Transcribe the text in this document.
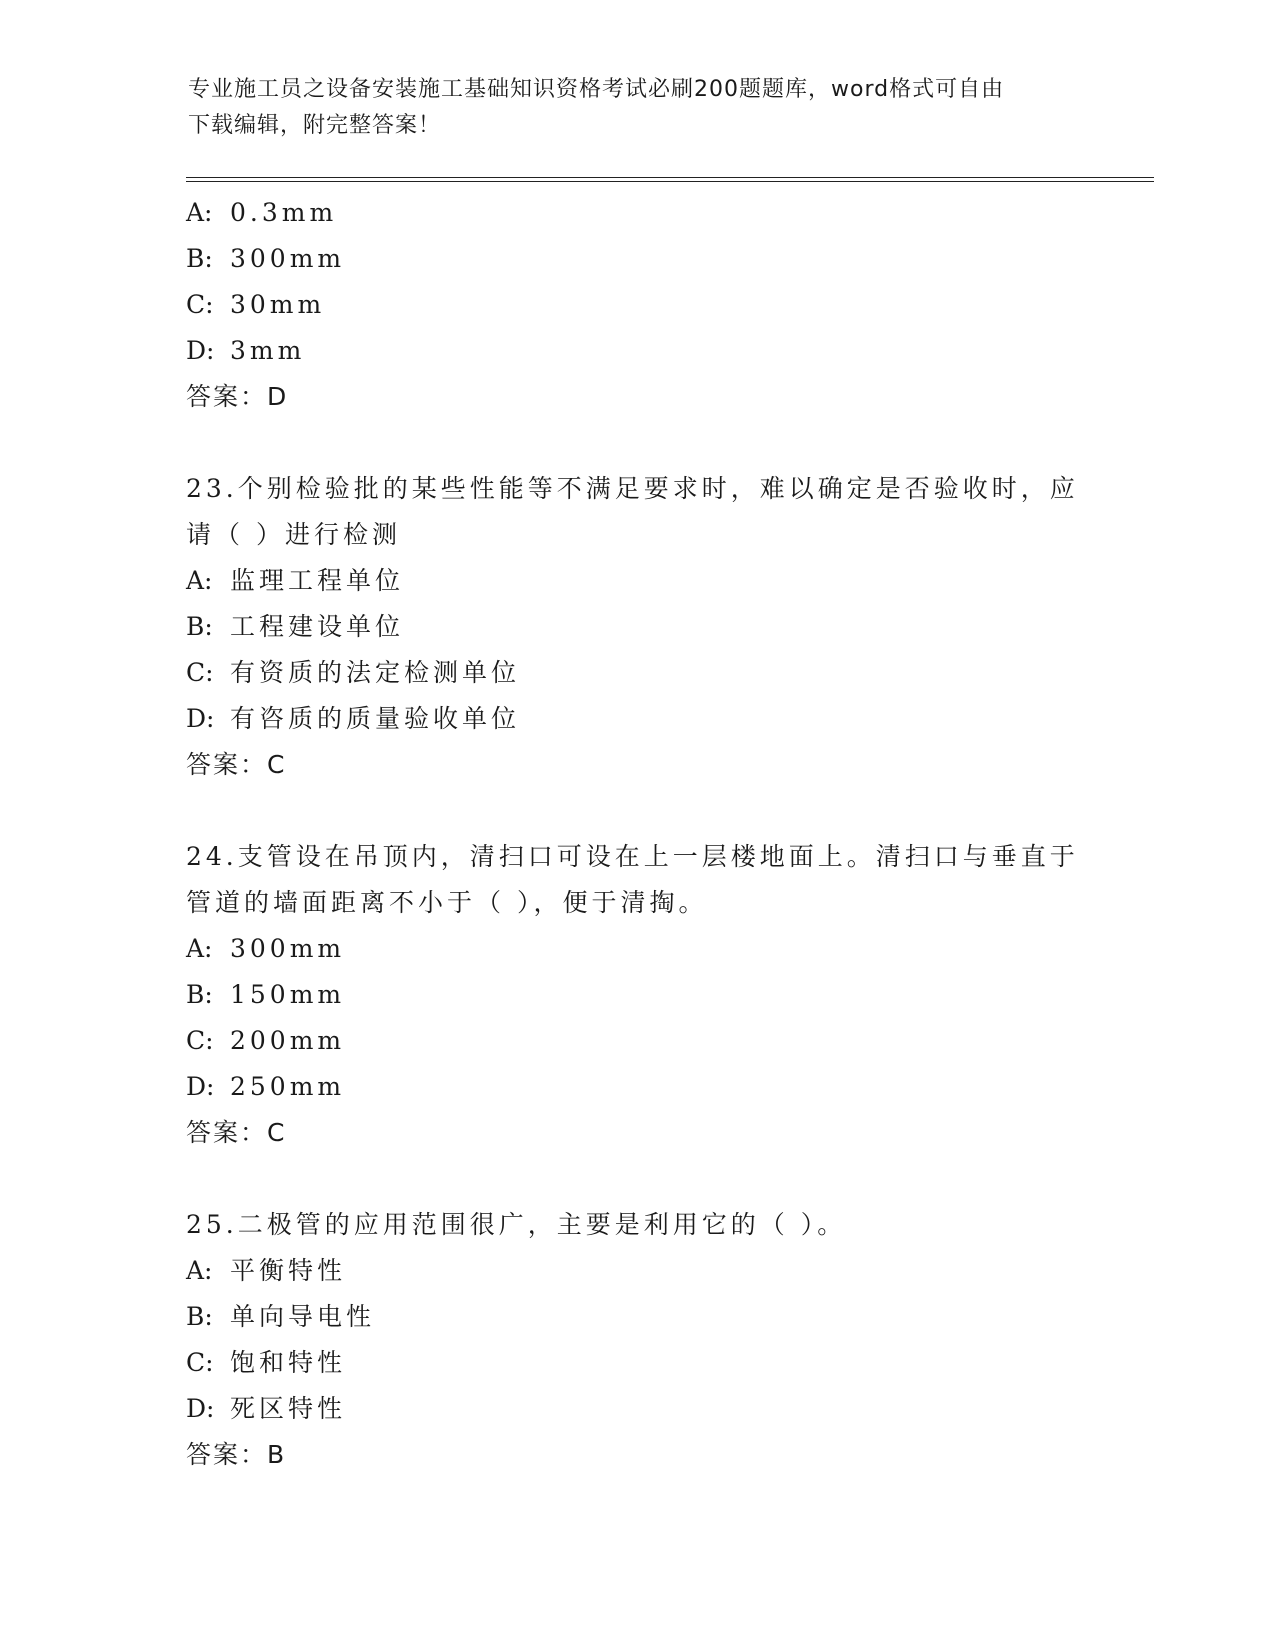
专业施工员之设备安装施工基础知识资格考试必刷200题题库，word格式可自由
下载编辑，附完整答案！
A: 0.3mm
B: 300mm
C: 30mm
D: 3mm
答案：D
23.个别检验批的某些性能等不满足要求时，难以确定是否验收时，应
请（ ）进行检测
A: 监理工程单位
B: 工程建设单位
C: 有资质的法定检测单位
D: 有咨质的质量验收单位
答案：C
24.支管设在吊顶内，清扫口可设在上一层楼地面上。清扫口与垂直于
管道的墙面距离不小于（ ），便于清掏。
A: 300mm
B: 150mm
C: 200mm
D: 250mm
答案：C
25.二极管的应用范围很广，主要是利用它的（ ）。
A: 平衡特性
B: 单向导电性
C: 饱和特性
D: 死区特性
答案：B
